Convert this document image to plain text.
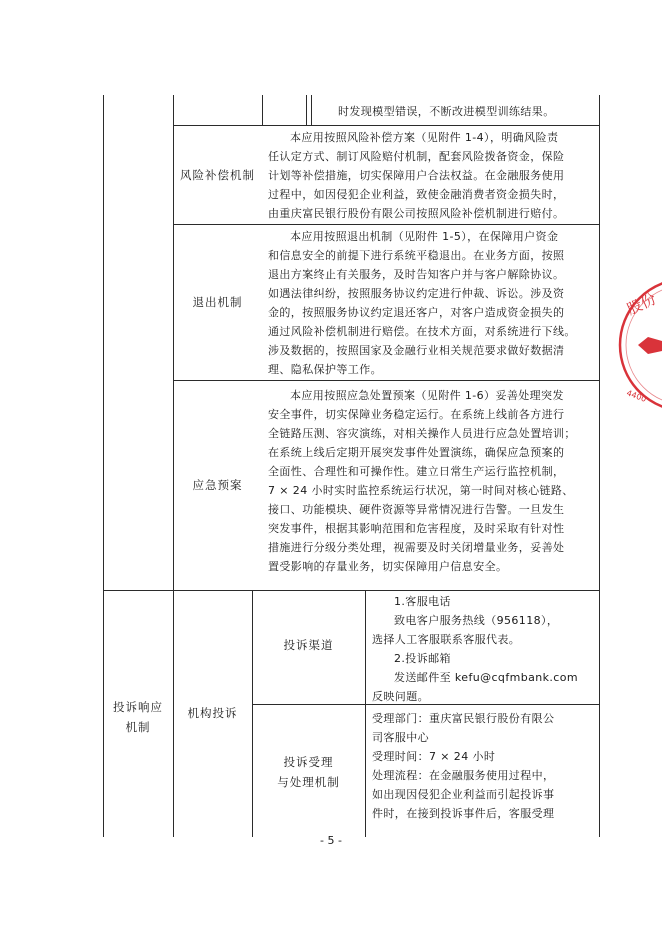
时发现模型错误，不断改进模型训练结果。
风险补偿机制
本应用按照风险补偿方案（见附件 1-4），明确风险责
任认定方式、制订风险赔付机制，配套风险拨备资金，保险
计划等补偿措施，切实保障用户合法权益。在金融服务使用
过程中，如因侵犯企业利益，致使金融消费者资金损失时，
由重庆富民银行股份有限公司按照风险补偿机制进行赔付。
退出机制
本应用按照退出机制（见附件 1-5），在保障用户资金
和信息安全的前提下进行系统平稳退出。在业务方面，按照
退出方案终止有关服务，及时告知客户并与客户解除协议。
如遇法律纠纷，按照服务协议约定进行仲裁、诉讼。涉及资
金的，按照服务协议约定退还客户，对客户造成资金损失的
通过风险补偿机制进行赔偿。在技术方面，对系统进行下线。
涉及数据的，按照国家及金融行业相关规范要求做好数据清
理、隐私保护等工作。
应急预案
本应用按照应急处置预案（见附件 1-6）妥善处理突发
安全事件，切实保障业务稳定运行。在系统上线前各方进行
全链路压测、容灾演练，对相关操作人员进行应急处置培训；
在系统上线后定期开展突发事件处置演练，确保应急预案的
全面性、合理性和可操作性。建立日常生产运行监控机制，
7 × 24 小时实时监控系统运行状况，第一时间对核心链路、
接口、功能模块、硬件资源等异常情况进行告警。一旦发生
突发事件，根据其影响范围和危害程度，及时采取有针对性
措施进行分级分类处理，视需要及时关闭增量业务，妥善处
置受影响的存量业务，切实保障用户信息安全。
投诉响应
机制
机构投诉
投诉渠道
1.客服电话
致电客户服务热线（956118），
选择人工客服联系客服代表。
2.投诉邮箱
发送邮件至 kefu@cqfmbank.com
反映问题。
投诉受理
与处理机制
受理部门：重庆富民银行股份有限公
司客服中心
受理时间：7 × 24 小时
处理流程：在金融服务使用过程中，
如出现因侵犯企业利益而引起投诉事
件时，在接到投诉事件后，客服受理
股份
4400
- 5 -
